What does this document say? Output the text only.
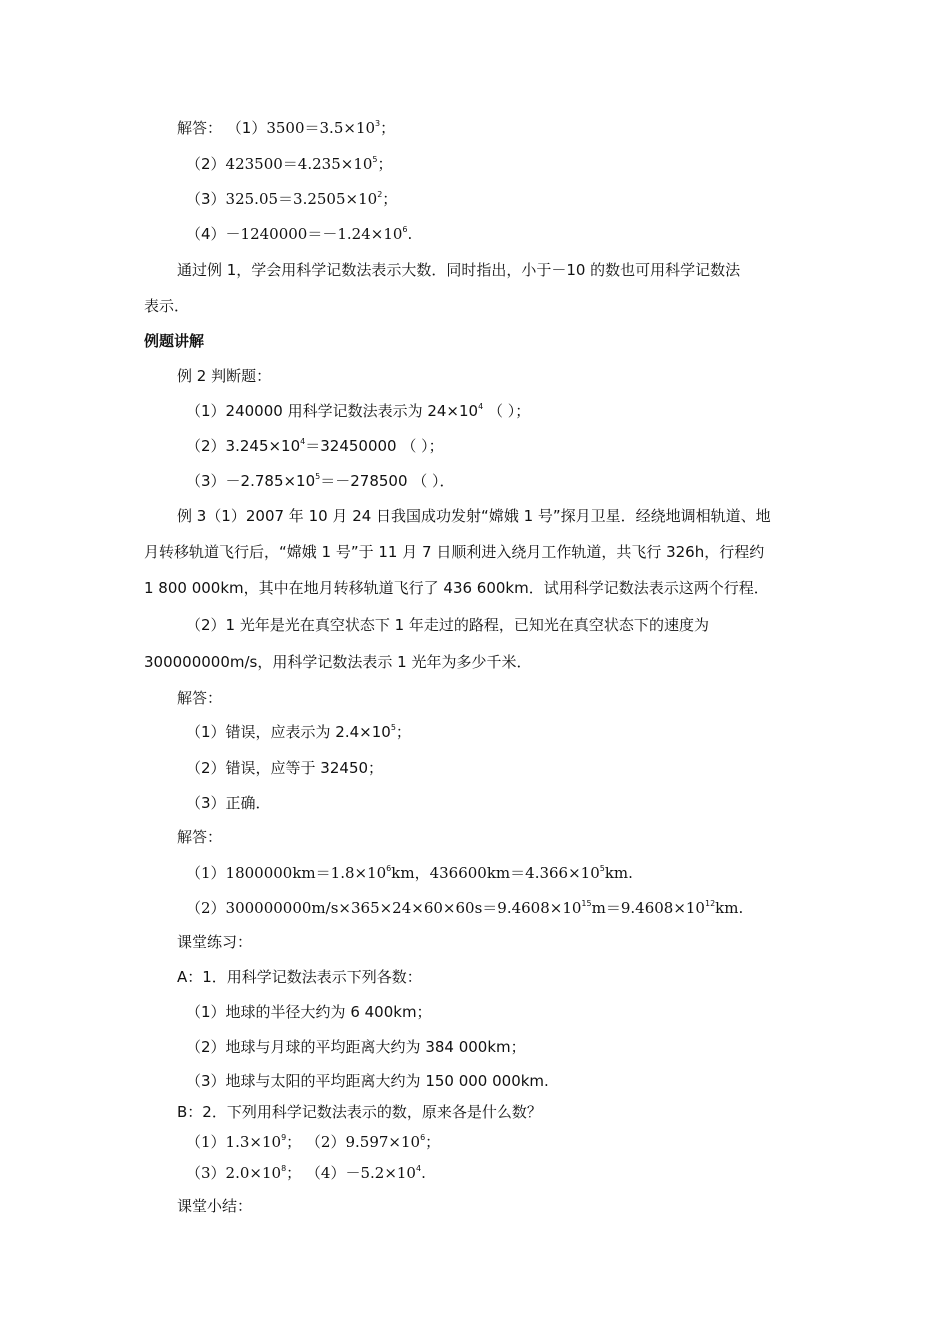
解答： $(1)3500=3.5\times 10^3$；
$(2)423500=4.235\times 10^5$；
$(3)325.05=3.2505\times 10^2$；
$(4)-1240000=-1.24\times 10^6$.
通过例 1，学会用科学记数法表示大数．同时指出，小于－10 的数也可用科学记数法
表示．
例题讲解
例 2 判断题：
（1）240000 用科学记数法表示为 $24\times 10^4$ （ ）；
$(2)3.245\times 10^4=32450000$ （ ）；
$(3)-2.785\times 10^5=-278500$ （ ）．
例 3（1）2007 年 10 月 24 日我国成功发射“嫦娥 1 号”探月卫星．经绕地调相轨道、地
月转移轨道飞行后，“嫦娥 1 号”于 11 月 7 日顺利进入绕月工作轨道，共飞行 326h，行程约
1 800 000km，其中在地月转移轨道飞行了 436 600km．试用科学记数法表示这两个行程．
（2）1 光年是光在真空状态下 1 年走过的路程，已知光在真空状态下的速度为
300000000m/s，用科学记数法表示 1 光年为多少千米．
解答：
（1）错误，应表示为 $2.4\times 10^5$；
（2）错误，应等于 32450；
（3）正确．
解答：
$(1)1800000km=1.8\times 10^6km$，$436600km=4.366\times 10^5km$.
$(2)300000000m/s\times 365\times 24\times 60\times 60s=9.4608\times 10^{15}m=9.4608\times 10^{12}km$.
课堂练习：
A：1．用科学记数法表示下列各数：
（1）地球的半径大约为 6 400km；
（2）地球与月球的平均距离大约为 384 000km；
（3）地球与太阳的平均距离大约为 150 000 000km.
B：2．下列用科学记数法表示的数，原来各是什么数？
$(1)1.3\times 10^9$； $(2)9.597\times 10^6$；
$(3)2.0\times 10^8$； $(4)-5.2\times 10^4$.
课堂小结：
